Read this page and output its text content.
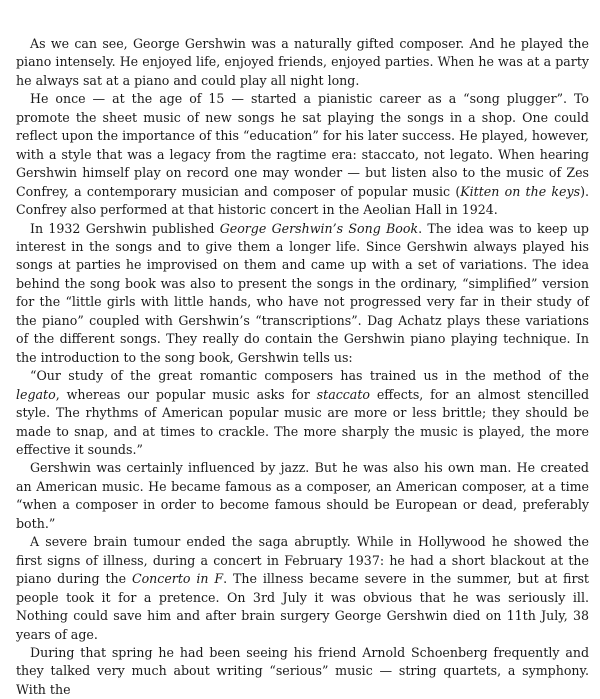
As we can see, George Gershwin was a naturally gifted composer. And he played the piano intensely. He enjoyed life, enjoyed friends, enjoyed parties. When he was at a party he always sat at a piano and could play all night long.

He once — at the age of 15 — started a pianistic career as a “song plugger”. To promote the sheet music of new songs he sat playing the songs in a shop. One could reflect upon the importance of this “education” for his later success. He played, however, with a style that was a legacy from the ragtime era: staccato, not legato. When hearing Gershwin himself play on record one may wonder — but listen also to the music of Zes Confrey, a contemporary musician and composer of popular music (Kitten on the keys). Confrey also performed at that historic concert in the Aeolian Hall in 1924.

In 1932 Gershwin published George Gershwin’s Song Book. The idea was to keep up interest in the songs and to give them a longer life. Since Gershwin always played his songs at parties he improvised on them and came up with a set of variations. The idea behind the song book was also to present the songs in the ordinary, “simplified” version for the “little girls with little hands, who have not progressed very far in their study of the piano” coupled with Gershwin’s “transcriptions”. Dag Achatz plays these variations of the different songs. They really do contain the Gershwin piano playing technique. In the introduction to the song book, Gershwin tells us:

“Our study of the great romantic composers has trained us in the method of the legato, whereas our popular music asks for staccato effects, for an almost stencilled style. The rhythms of American popular music are more or less brittle; they should be made to snap, and at times to crackle. The more sharply the music is played, the more effective it sounds.”

Gershwin was certainly influenced by jazz. But he was also his own man. He created an American music. He became famous as a composer, an American composer, at a time “when a composer in order to become famous should be European or dead, preferably both.”

A severe brain tumour ended the saga abruptly. While in Hollywood he showed the first signs of illness, during a concert in February 1937: he had a short blackout at the piano during the Concerto in F. The illness became severe in the summer, but at first people took it for a pretence. On 3rd July it was obvious that he was seriously ill. Nothing could save him and after brain surgery George Gershwin died on 11th July, 38 years of age.

During that spring he had been seeing his friend Arnold Schoenberg frequently and they talked very much about writing “serious” music — string quartets, a symphony. With the
